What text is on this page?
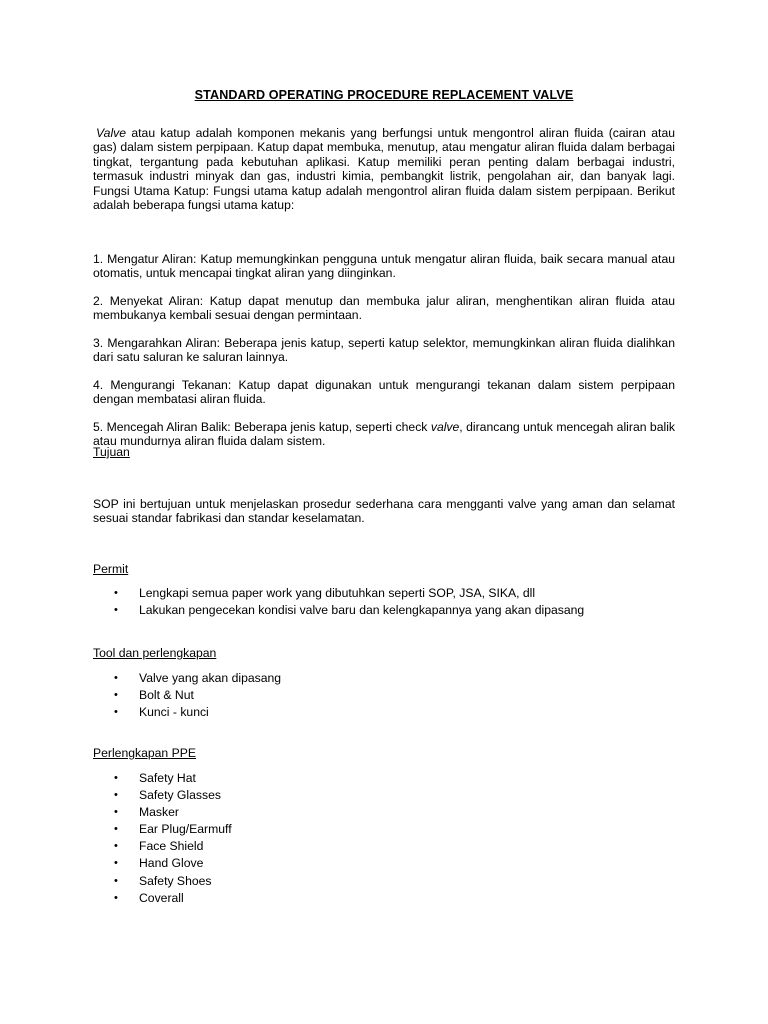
STANDARD OPERATING PROCEDURE REPLACEMENT VALVE

Valve atau katup adalah komponen mekanis yang berfungsi untuk mengontrol aliran fluida (cairan atau gas) dalam sistem perpipaan. Katup dapat membuka, menutup, atau mengatur aliran fluida dalam berbagai tingkat, tergantung pada kebutuhan aplikasi. Katup memiliki peran penting dalam berbagai industri, termasuk industri minyak dan gas, industri kimia, pembangkit listrik, pengolahan air, dan banyak lagi. Fungsi Utama Katup: Fungsi utama katup adalah mengontrol aliran fluida dalam sistem perpipaan. Berikut adalah beberapa fungsi utama katup:

1. Mengatur Aliran: Katup memungkinkan pengguna untuk mengatur aliran fluida, baik secara manual atau otomatis, untuk mencapai tingkat aliran yang diinginkan.

2. Menyekat Aliran: Katup dapat menutup dan membuka jalur aliran, menghentikan aliran fluida atau membukanya kembali sesuai dengan permintaan.

3. Mengarahkan Aliran: Beberapa jenis katup, seperti katup selektor, memungkinkan aliran fluida dialihkan dari satu saluran ke saluran lainnya.

4. Mengurangi Tekanan: Katup dapat digunakan untuk mengurangi tekanan dalam sistem perpipaan dengan membatasi aliran fluida.

5. Mencegah Aliran Balik: Beberapa jenis katup, seperti check valve, dirancang untuk mencegah aliran balik atau mundurnya aliran fluida dalam sistem.

Tujuan

SOP ini bertujuan untuk menjelaskan prosedur sederhana cara mengganti valve yang aman dan selamat sesuai standar fabrikasi dan standar keselamatan.

Permit
• Lengkapi semua paper work yang dibutuhkan seperti SOP, JSA, SIKA, dll
• Lakukan pengecekan kondisi valve baru dan kelengkapannya yang akan dipasang
Tool dan perlengkapan
• Valve yang akan dipasang
• Bolt & Nut
• Kunci - kunci
Perlengkapan PPE
• Safety Hat
• Safety Glasses
• Masker
• Ear Plug/Earmuff
• Face Shield
• Hand Glove
• Safety Shoes
• Coverall
